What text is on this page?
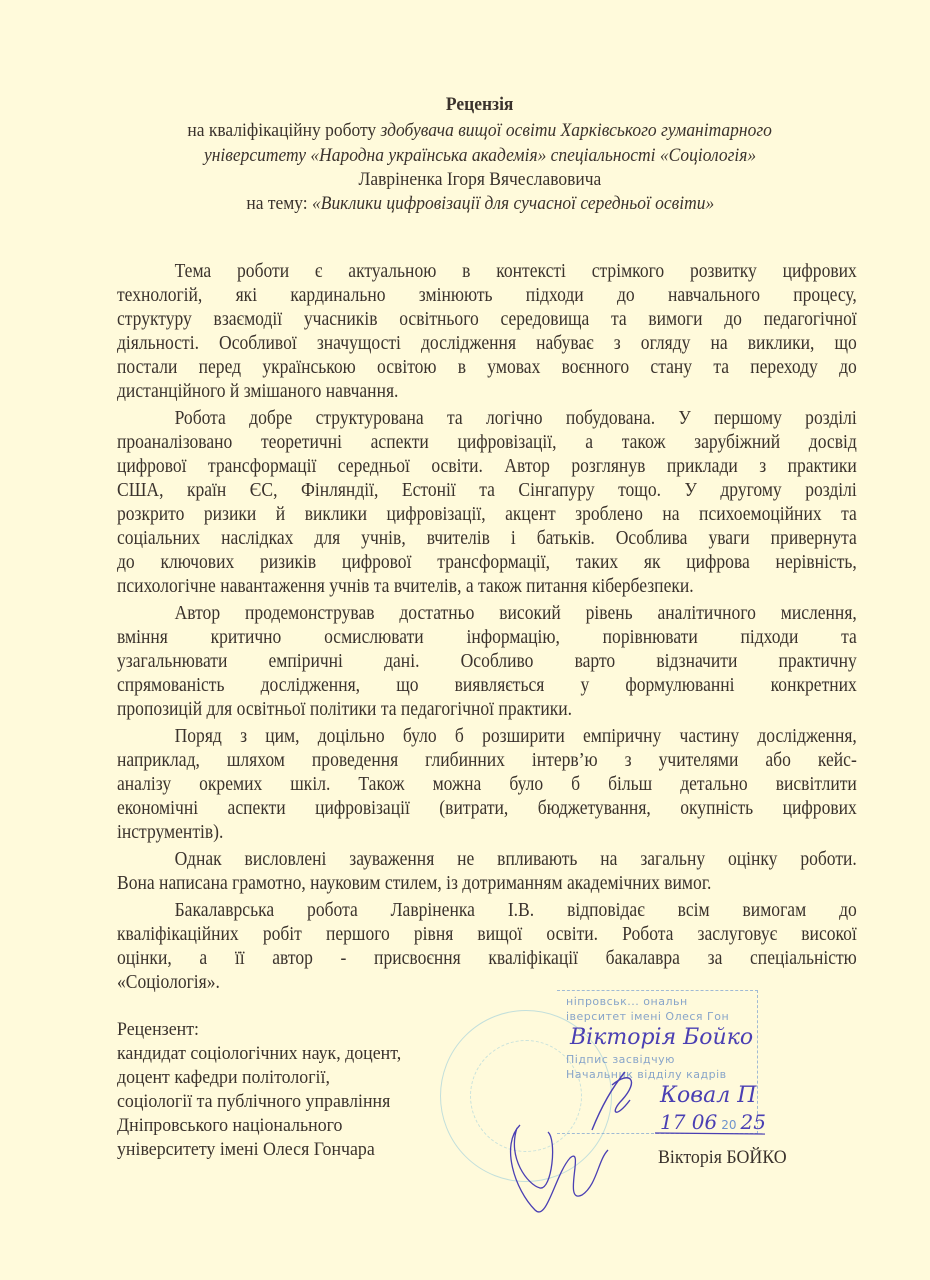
Рецензія
на кваліфікаційну роботу здобувача вищої освіти Харківського гуманітарного
університету «Народна українська академія» спеціальності «Соціологія»
Лавріненка Ігоря Вячеславовича
на тему: «Виклики цифровізації для сучасної середньої освіти»
Тема роботи є актуальною в контексті стрімкого розвитку цифрових
технологій, які кардинально змінюють підходи до навчального процесу,
структуру взаємодії учасників освітнього середовища та вимоги до педагогічної
діяльності. Особливої значущості дослідження набуває з огляду на виклики, що
постали перед українською освітою в умовах воєнного стану та переходу до
дистанційного й змішаного навчання.
Робота добре структурована та логічно побудована. У першому розділі
проаналізовано теоретичні аспекти цифровізації, а також зарубіжний досвід
цифрової трансформації середньої освіти. Автор розглянув приклади з практики
США, країн ЄС, Фінляндії, Естонії та Сінгапуру тощо. У другому розділі
розкрито ризики й виклики цифровізації, акцент зроблено на психоемоційних та
соціальних наслідках для учнів, вчителів і батьків. Особлива уваги привернута
до ключових ризиків цифрової трансформації, таких як цифрова нерівність,
психологічне навантаження учнів та вчителів, а також питання кібербезпеки.
Автор продемонстрував достатньо високий рівень аналітичного мислення,
вміння критично осмислювати інформацію, порівнювати підходи та
узагальнювати емпіричні дані. Особливо варто відзначити практичну
спрямованість дослідження, що виявляється у формулюванні конкретних
пропозицій для освітньої політики та педагогічної практики.
Поряд з цим, доцільно було б розширити емпіричну частину дослідження,
наприклад, шляхом проведення глибинних інтерв’ю з учителями або кейс-
аналізу окремих шкіл. Також можна було б більш детально висвітлити
економічні аспекти цифровізації (витрати, бюджетування, окупність цифрових
інструментів).
Однак висловлені зауваження не впливають на загальну оцінку роботи.
Вона написана грамотно, науковим стилем, із дотриманням академічних вимог.
Бакалаврська робота Лавріненка І.В. відповідає всім вимогам до
кваліфікаційних робіт першого рівня вищої освіти. Робота заслуговує високої
оцінки, а її автор - присвоєння кваліфікації бакалавра за спеціальністю
«Соціологія».
ніпровськ... ональн
іверситет імені Олеся Гон
Вікторія Бойко
Підпис засвідчую
Начальник відділу кадрів
Ковал П
17 06 20 25
Рецензент:
кандидат соціологічних наук, доцент,
доцент кафедри політології,
соціології та публічного управління
Дніпровського національного
університету імені Олеся Гончара	Вікторія БОЙКО
